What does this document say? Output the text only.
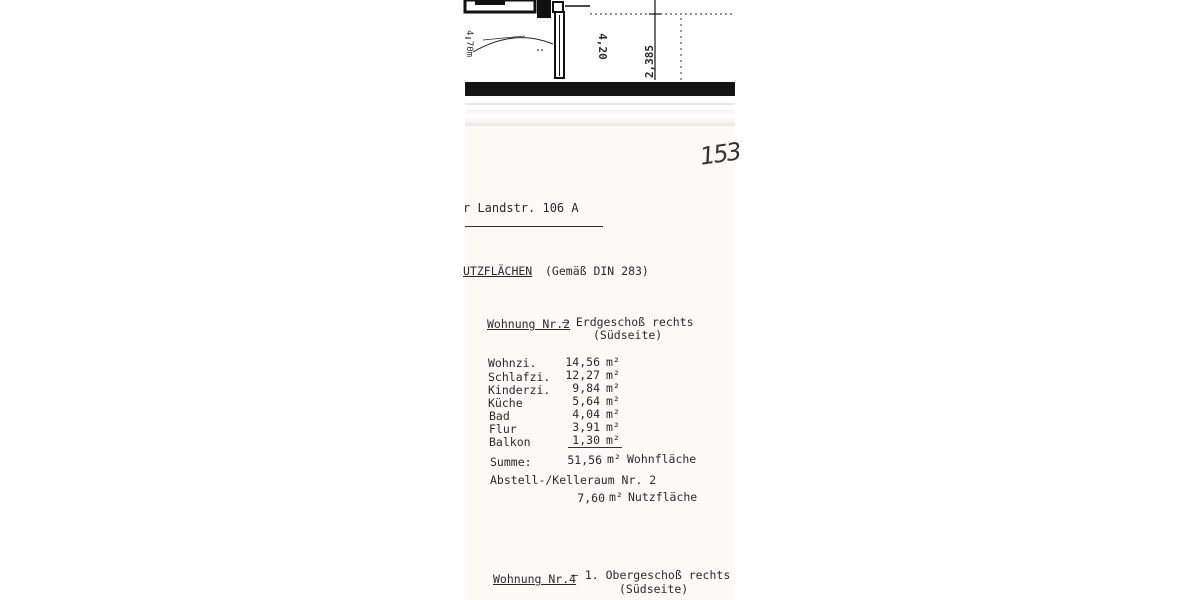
4,70m	4,20	2,385
153
r Landstr. 106 A
UTZFLÄCHEN (Gemäß DIN 283)
Wohnung Nr.2
– Erdgeschoß rechts
(Südseite)
Wohnzi.	14,56 m²
Schlafzi.	12,27 m²
Kinderzi.	9,84 m²
Küche	5,64 m²
Bad	4,04 m²
Flur	3,91 m²
Balkon	1,30 m²
Summe:	51,56 m² Wohnfläche
Abstell-/Kelleraum Nr. 2
7,60 m² Nutzfläche
Wohnung Nr.4
– 1. Obergeschoß rechts
(Südseite)
